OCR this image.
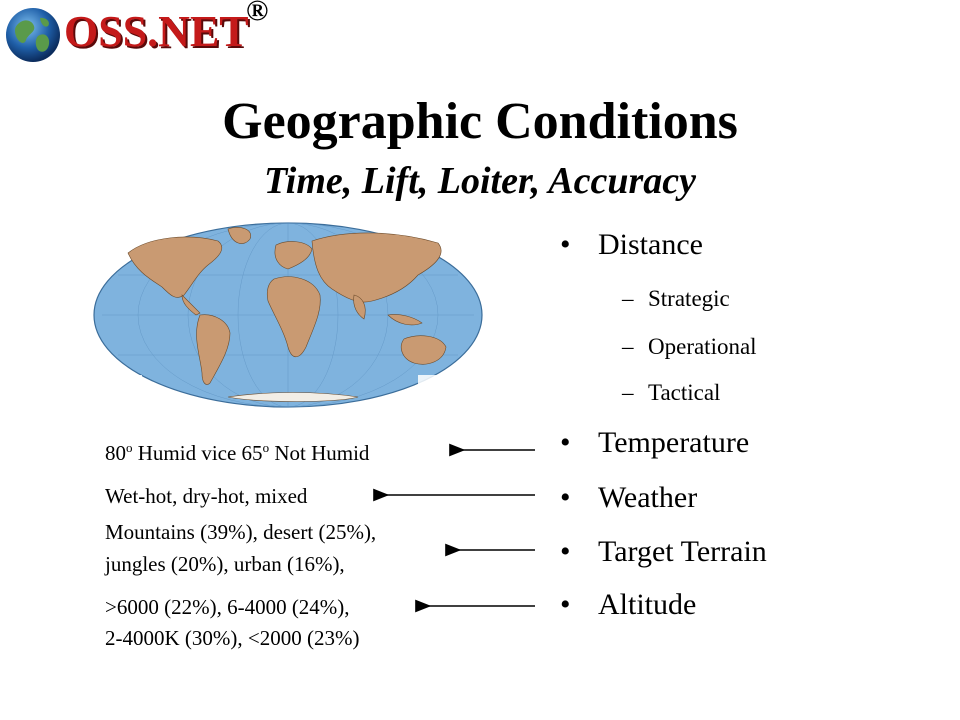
OSS.NET
®
Geographic Conditions
Time, Lift, Loiter, Accuracy
• Distance
– Strategic
– Operational
– Tactical
• Temperature
• Weather
• Target Terrain
• Altitude
80$^o$ Humid vice 65$^o$ Not Humid
Wet-hot, dry-hot, mixed
Mountains (39%), desert (25%),
jungles (20%), urban (16%),
>6000 (22%), 6-4000 (24%),
2-4000K (30%), <2000 (23%)
